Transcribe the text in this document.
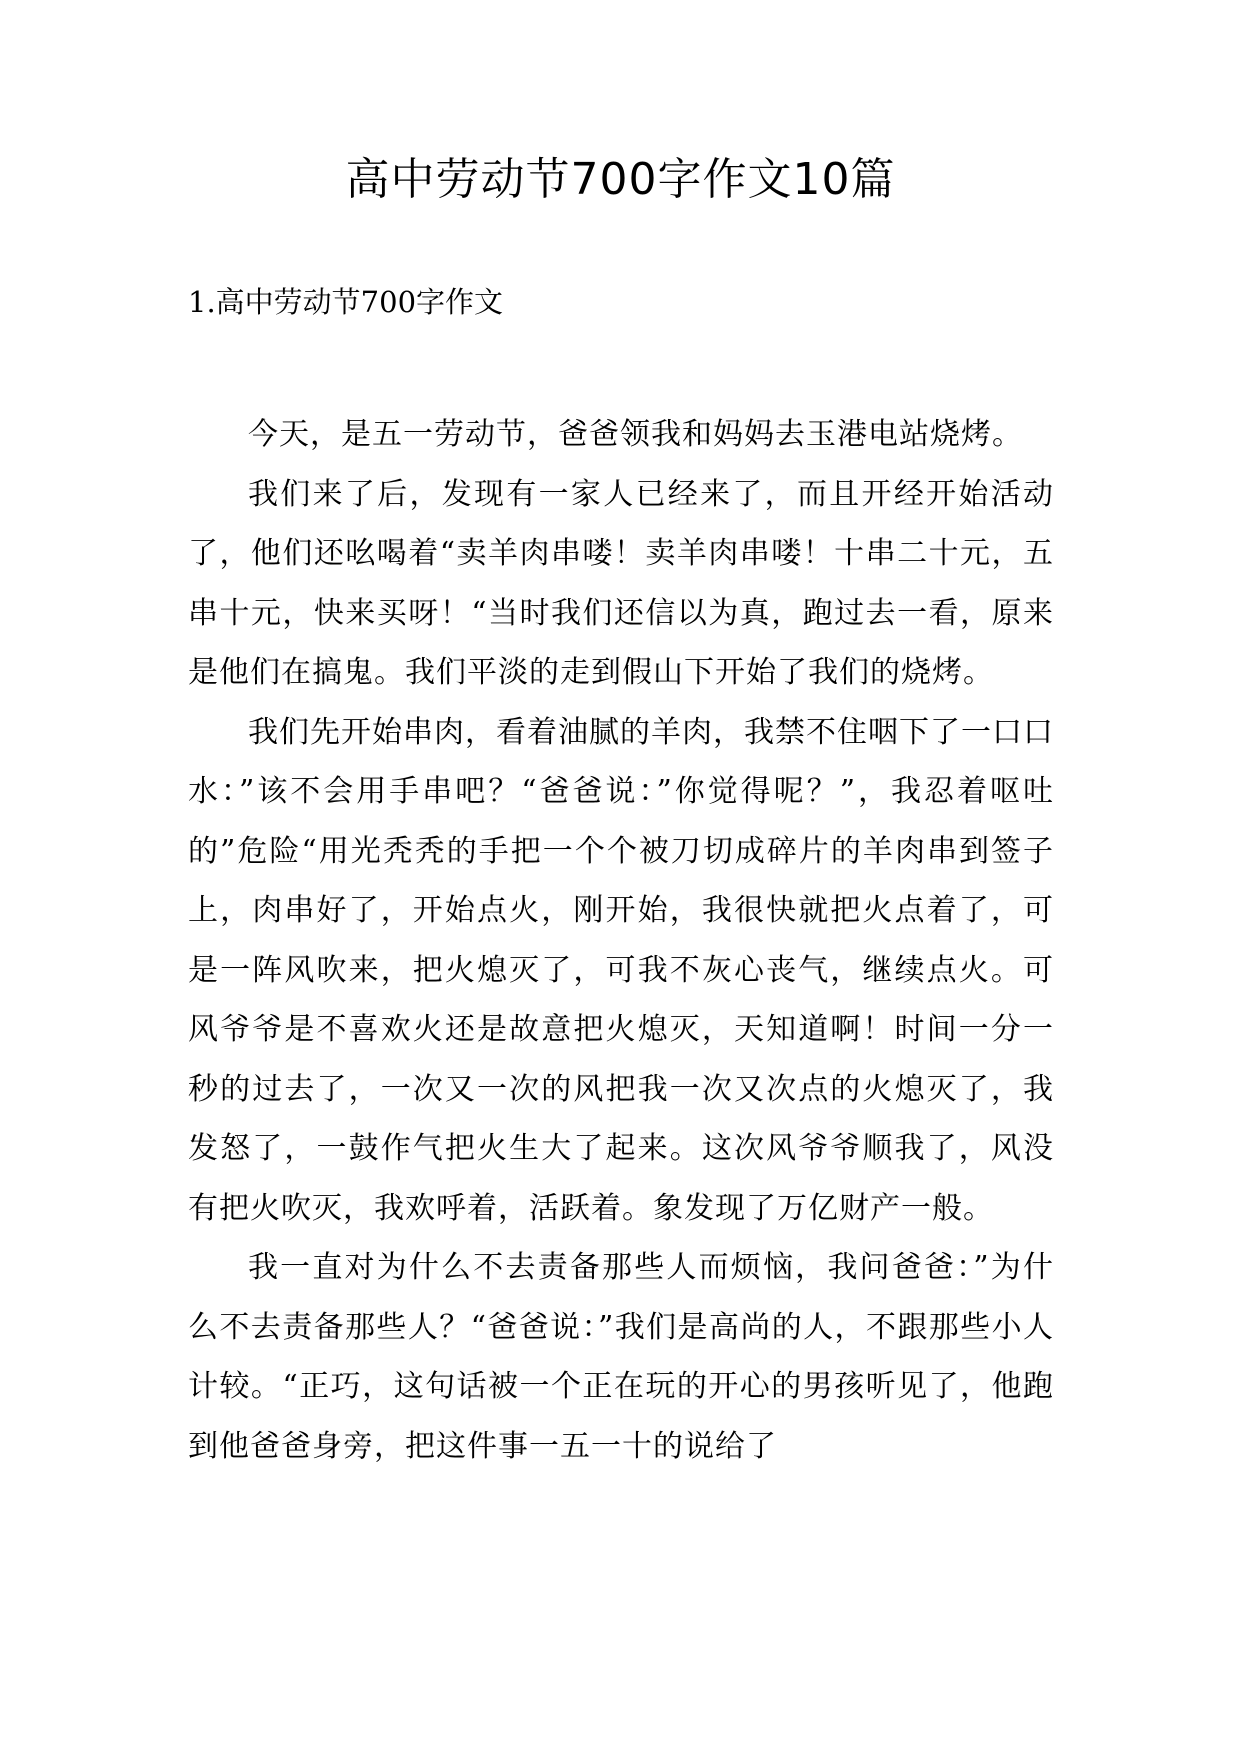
高中劳动节700字作文10篇
1.高中劳动节700字作文

今天，是五一劳动节，爸爸领我和妈妈去玉港电站烧烤。

我们来了后，发现有一家人已经来了，而且开经开始活动了，他们还吆喝着“卖羊肉串喽！卖羊肉串喽！十串二十元，五串十元，快来买呀！“当时我们还信以为真，跑过去一看，原来是他们在搞鬼。我们平淡的走到假山下开始了我们的烧烤。

我们先开始串肉，看着油腻的羊肉，我禁不住咽下了一口口水：”该不会用手串吧？“爸爸说：”你觉得呢？”，我忍着呕吐的”危险“用光秃秃的手把一个个被刀切成碎片的羊肉串到签子上，肉串好了，开始点火，刚开始，我很快就把火点着了，可是一阵风吹来，把火熄灭了，可我不灰心丧气，继续点火。可风爷爷是不喜欢火还是故意把火熄灭，天知道啊！时间一分一秒的过去了，一次又一次的风把我一次又次点的火熄灭了，我发怒了，一鼓作气把火生大了起来。这次风爷爷顺我了，风没有把火吹灭，我欢呼着，活跃着。象发现了万亿财产一般。

我一直对为什么不去责备那些人而烦恼，我问爸爸：”为什么不去责备那些人？“爸爸说：”我们是高尚的人，不跟那些小人计较。“正巧，这句话被一个正在玩的开心的男孩听见了，他跑到他爸爸身旁，把这件事一五一十的说给了
